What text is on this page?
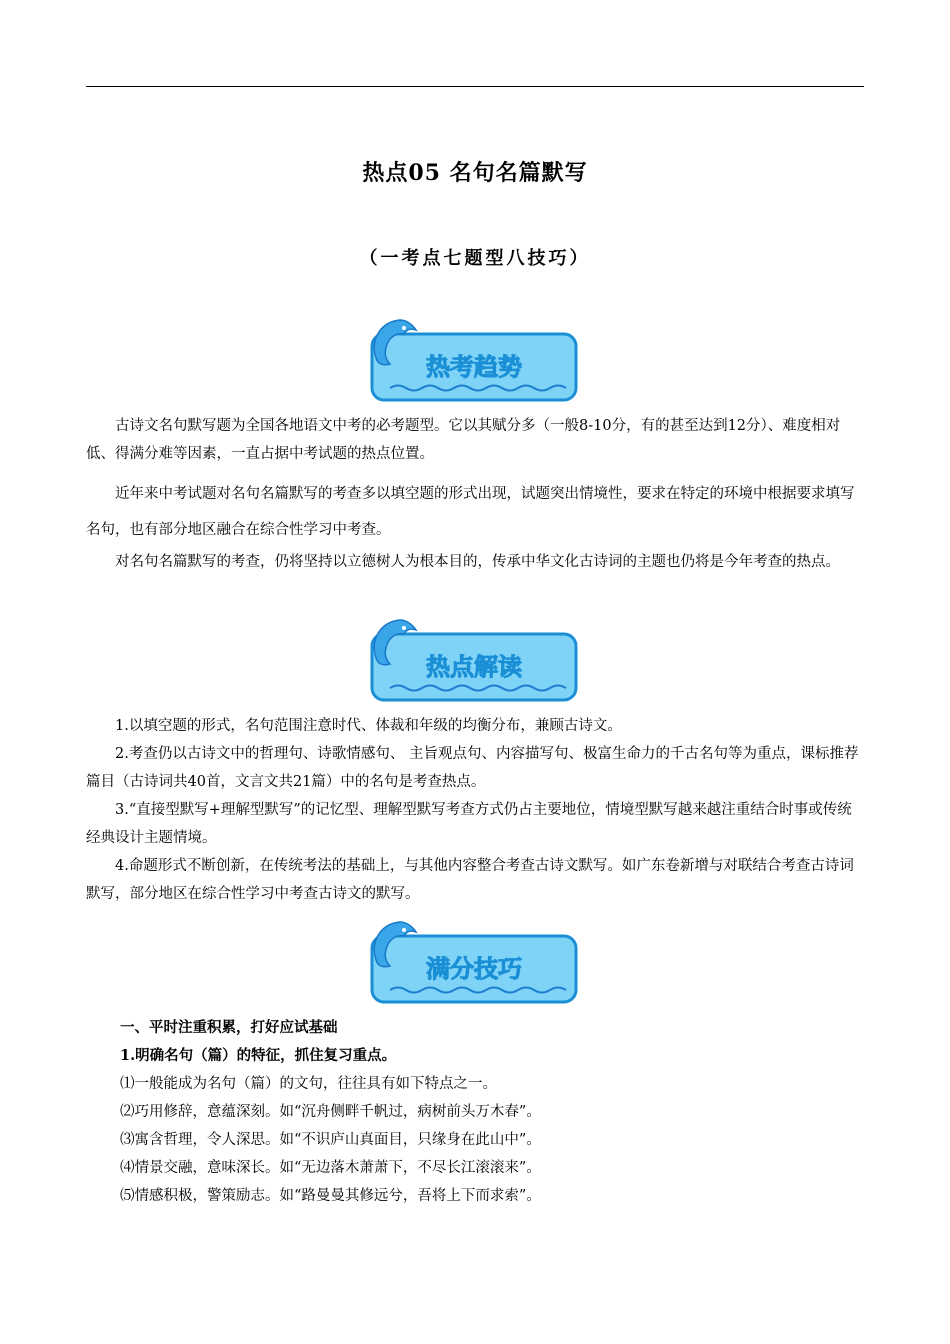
热点05 名句名篇默写
（一考点七题型八技巧）
热考趋势
古诗文名句默写题为全国各地语文中考的必考题型。它以其赋分多（一般8-10分，有的甚至达到12分）、难度相对低、得满分难等因素，一直占据中考试题的热点位置。
近年来中考试题对名句名篇默写的考查多以填空题的形式出现，试题突出情境性，要求在特定的环境中根据要求填写名句，也有部分地区融合在综合性学习中考查。
对名句名篇默写的考查，仍将坚持以立德树人为根本目的，传承中华文化古诗词的主题也仍将是今年考查的热点。
热点解读

1.以填空题的形式，名句范围注意时代、体裁和年级的均衡分布，兼顾古诗文。

2.考查仍以古诗文中的哲理句、诗歌情感句、 主旨观点句、内容描写句、极富生命力的千古名句等为重点，课标推荐篇目（古诗词共40首，文言文共21篇）中的名句是考查热点。

3.“直接型默写+理解型默写”的记忆型、理解型默写考查方式仍占主要地位，情境型默写越来越注重结合时事或传统经典设计主题情境。

4.命题形式不断创新，在传统考法的基础上，与其他内容整合考查古诗文默写。如广东卷新增与对联结合考查古诗词默写，部分地区在综合性学习中考查古诗文的默写。

满分技巧

一、平时注重积累，打好应试基础

1.明确名句（篇）的特征，抓住复习重点。

⑴一般能成为名句（篇）的文句，往往具有如下特点之一。

⑵巧用修辞，意蕴深刻。如“沉舟侧畔千帆过，病树前头万木春”。

⑶寓含哲理，令人深思。如“不识庐山真面目，只缘身在此山中”。

⑷情景交融，意味深长。如“无边落木萧萧下，不尽长江滚滚来”。

⑸情感积极，警策励志。如“路曼曼其修远兮，吾将上下而求索”。
